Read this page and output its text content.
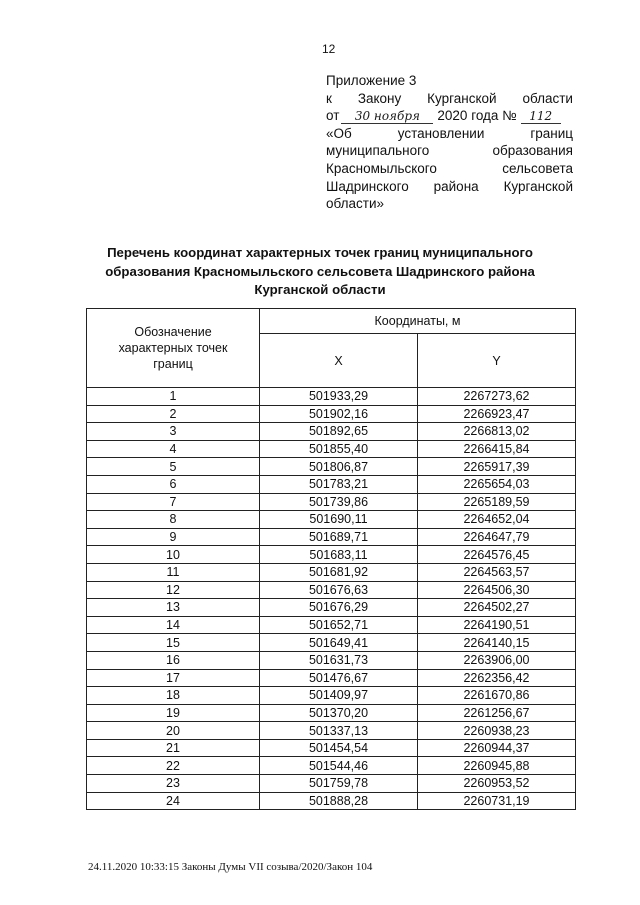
12
Приложение 3
к Закону Курганской области
от 30 ноября 2020 года № 112
«Об	установлении	границ
муниципального	образования
Красномыльского	сельсовета
Шадринского района Курганской
области»
Перечень координат характерных точек границ муниципального
образования Красномыльского сельсовета Шадринского района
Курганской области
Обозначение
характерных точек
границ	Координаты, м	
	X	Y
1	501933,29	2267273,62
2	501902,16	2266923,47
3	501892,65	2266813,02
4	501855,40	2266415,84
5	501806,87	2265917,39
6	501783,21	2265654,03
7	501739,86	2265189,59
8	501690,11	2264652,04
9	501689,71	2264647,79
10	501683,11	2264576,45
11	501681,92	2264563,57
12	501676,63	2264506,30
13	501676,29	2264502,27
14	501652,71	2264190,51
15	501649,41	2264140,15
16	501631,73	2263906,00
17	501476,67	2262356,42
18	501409,97	2261670,86
19	501370,20	2261256,67
20	501337,13	2260938,23
21	501454,54	2260944,37
22	501544,46	2260945,88
23	501759,78	2260953,52
24	501888,28	2260731,19
24.11.2020 10:33:15 Законы Думы VII созыва/2020/Закон 104
